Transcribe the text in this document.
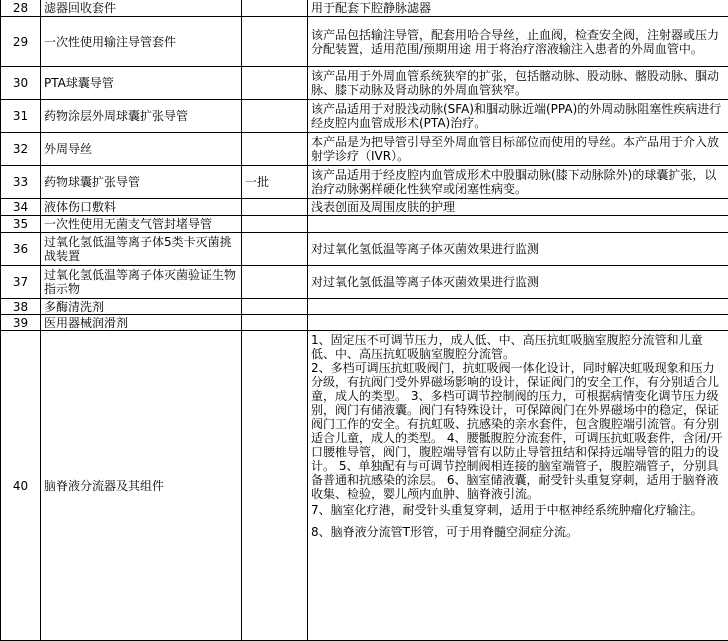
28	滤器回收套件		用于配套下腔静脉滤器
29	一次性使用输注导管套件		该产品包括输注导管，配套用哈合导丝，止血阀，检查安全阀，注射器或压力分配装置，适用范围/预期用途 用于将治疗溶液输注入患者的外周血管中。
30	PTA球囊导管		该产品用于外周血管系统狭窄的扩张，包括髂动脉、股动脉、髂股动脉、腘动脉、膝下动脉及肾动脉的外周血管狭窄。
31	药物涂层外周球囊扩张导管		该产品适用于对股浅动脉(SFA)和腘动脉近端(PPA)的外周动脉阻塞性疾病进行经皮腔内血管成形术(PTA)治疗。
32	外周导丝		本产品是为把导管引导至外周血管目标部位而使用的导丝。本产品用于介入放射学诊疗（IVR）。
33	药物球囊扩张导管	一批	该产品适用于经皮腔内血管成形术中股腘动脉(膝下动脉除外)的球囊扩张，以治疗动脉粥样硬化性狭窄或闭塞性病变。
34	液体伤口敷料		浅表创面及周围皮肤的护理
35	一次性使用无菌支气管封堵导管		
36	过氧化氢低温等离子体5类卡灭菌挑战装置		对过氧化氢低温等离子体灭菌效果进行监测
37	过氧化氢低温等离子体灭菌验证生物指示物		对过氧化氢低温等离子体灭菌效果进行监测
38	多酶清洗剂		
39	医用器械润滑剂		
40	脑脊液分流器及其组件		1、固定压不可调节压力，成人低、中、高压抗虹吸脑室腹腔分流管和儿童低、中、高压抗虹吸脑室腹腔分流管。
2、多档可调压抗虹吸阀门，抗虹吸阀一体化设计，同时解决虹吸现象和压力分级，有抗阀门受外界磁场影响的设计，保证阀门的安全工作，有分别适合儿童，成人的类型。 3、多档可调节控制阀的压力，可根据病情变化调节压力级别，阀门有储液囊。阀门有特殊设计，可保障阀门在外界磁场中的稳定，保证阀门工作的安全。有抗虹吸、抗感染的亲水套件，包含腹腔端引流管。有分别适合儿童，成人的类型。 4、腰骶腹腔分流套件，可调压抗虹吸套件，含闭/开口腰椎导管，阀门，腹腔端导管有以防止导管扭结和保持远端导管的阻力的设计。 5、单独配有与可调节控制阀相连接的脑室端管子，腹腔端管子，分别具备普通和抗感染的涂层。 6、脑室储液囊，耐受针头重复穿刺，适用于脑脊液收集、检验，婴儿颅内血肿、脑脊液引流。
7、脑室化疗港，耐受针头重复穿刺，适用于中枢神经系统肿瘤化疗输注。
8、脑脊液分流管T形管，可于用脊髓空洞症分流。
